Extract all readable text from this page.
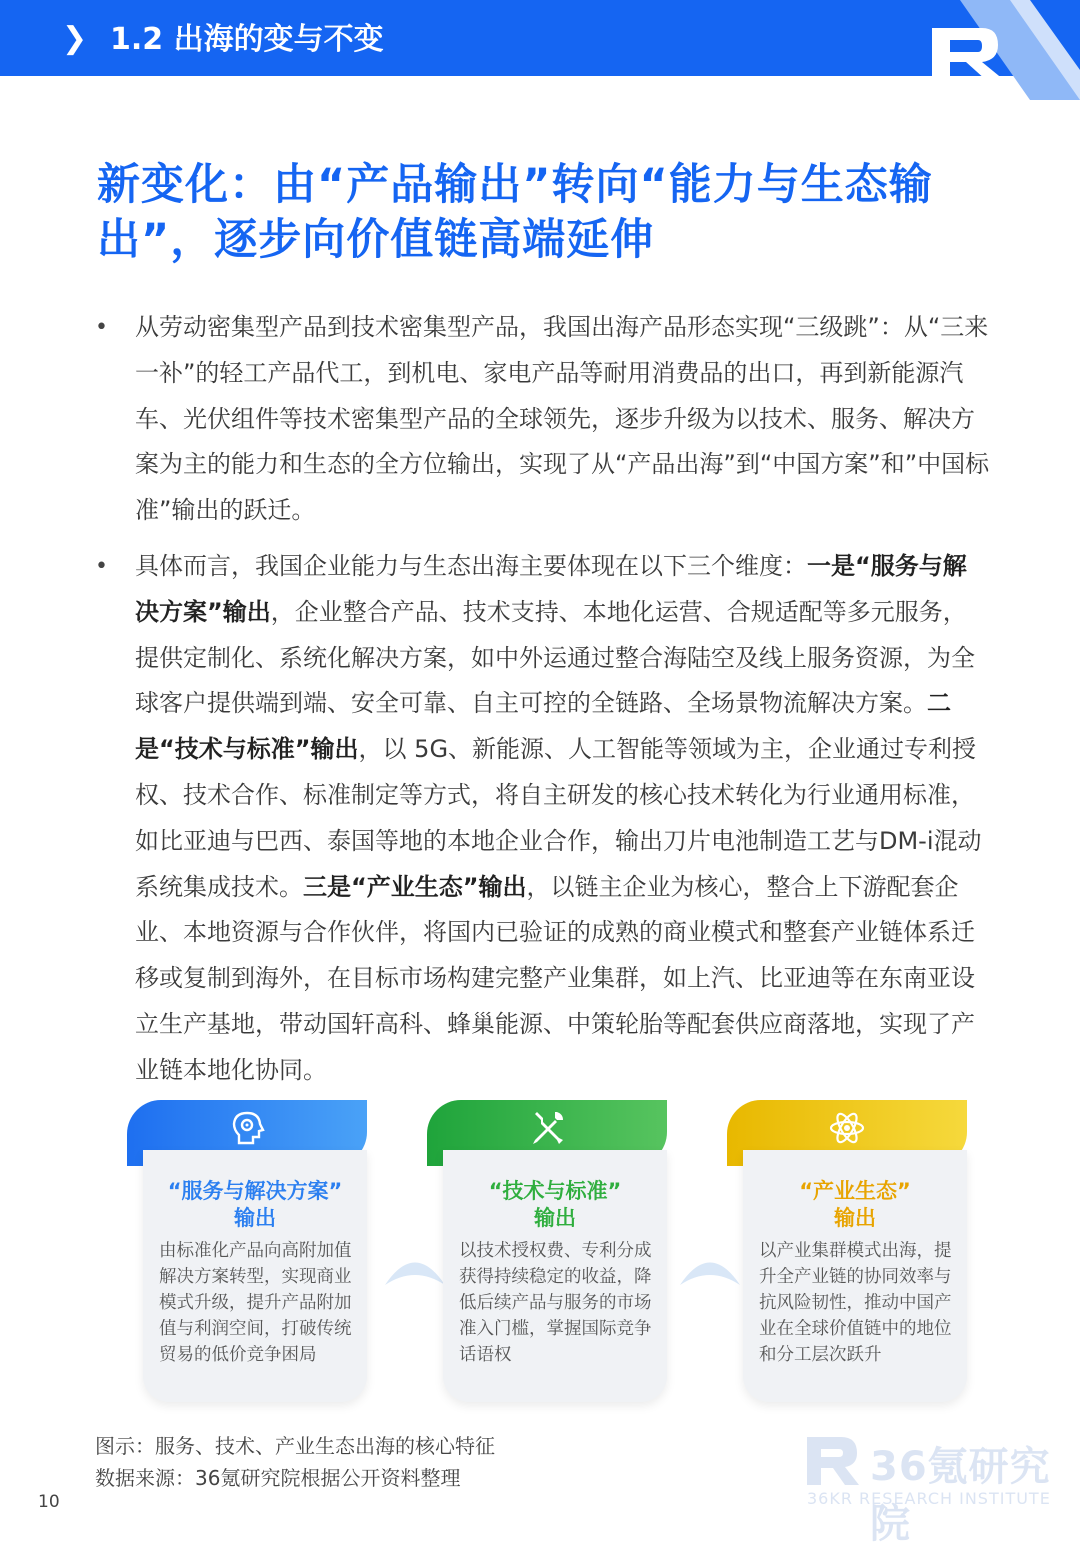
❯ 1.2 出海的变与不变
新变化：由“产品输出”转向“能力与生态输
出”，逐步向价值链高端延伸
• 从劳动密集型产品到技术密集型产品，我国出海产品形态实现“三级跳”：从“三来一补”的轻工产品代工，到机电、家电产品等耐用消费品的出口，再到新能源汽车、光伏组件等技术密集型产品的全球领先，逐步升级为以技术、服务、解决方案为主的能力和生态的全方位输出，实现了从“产品出海”到“中国方案”和”中国标准”输出的跃迁。
• 具体而言，我国企业能力与生态出海主要体现在以下三个维度：一是“服务与解决方案”输出，企业整合产品、技术支持、本地化运营、合规适配等多元服务，提供定制化、系统化解决方案，如中外运通过整合海陆空及线上服务资源，为全球客户提供端到端、安全可靠、自主可控的全链路、全场景物流解决方案。二是“技术与标准”输出，以 5G、新能源、人工智能等领域为主，企业通过专利授权、技术合作、标准制定等方式，将自主研发的核心技术转化为行业通用标准，如比亚迪与巴西、泰国等地的本地企业合作，输出刀片电池制造工艺与DM-i混动系统集成技术。三是“产业生态”输出，以链主企业为核心，整合上下游配套企业、本地资源与合作伙伴，将国内已验证的成熟的商业模式和整套产业链体系迁移或复制到海外，在目标市场构建完整产业集群，如上汽、比亚迪等在东南亚设立生产基地，带动国轩高科、蜂巢能源、中策轮胎等配套供应商落地，实现了产业链本地化协同。
“服务与解决方案”
输出
由标准化产品向高附加值解决方案转型，实现商业模式升级，提升产品附加值与利润空间，打破传统贸易的低价竞争困局
“技术与标准”
输出
以技术授权费、专利分成获得持续稳定的收益，降低后续产品与服务的市场准入门槛，掌握国际竞争话语权
“产业生态”
输出
以产业集群模式出海，提升全产业链的协同效率与抗风险韧性，推动中国产业在全球价值链中的地位和分工层次跃升
图示：服务、技术、产业生态出海的核心特征
数据来源：36氪研究院根据公开资料整理	36氪研究院
36KR RESEARCH INSTITUTE
10
